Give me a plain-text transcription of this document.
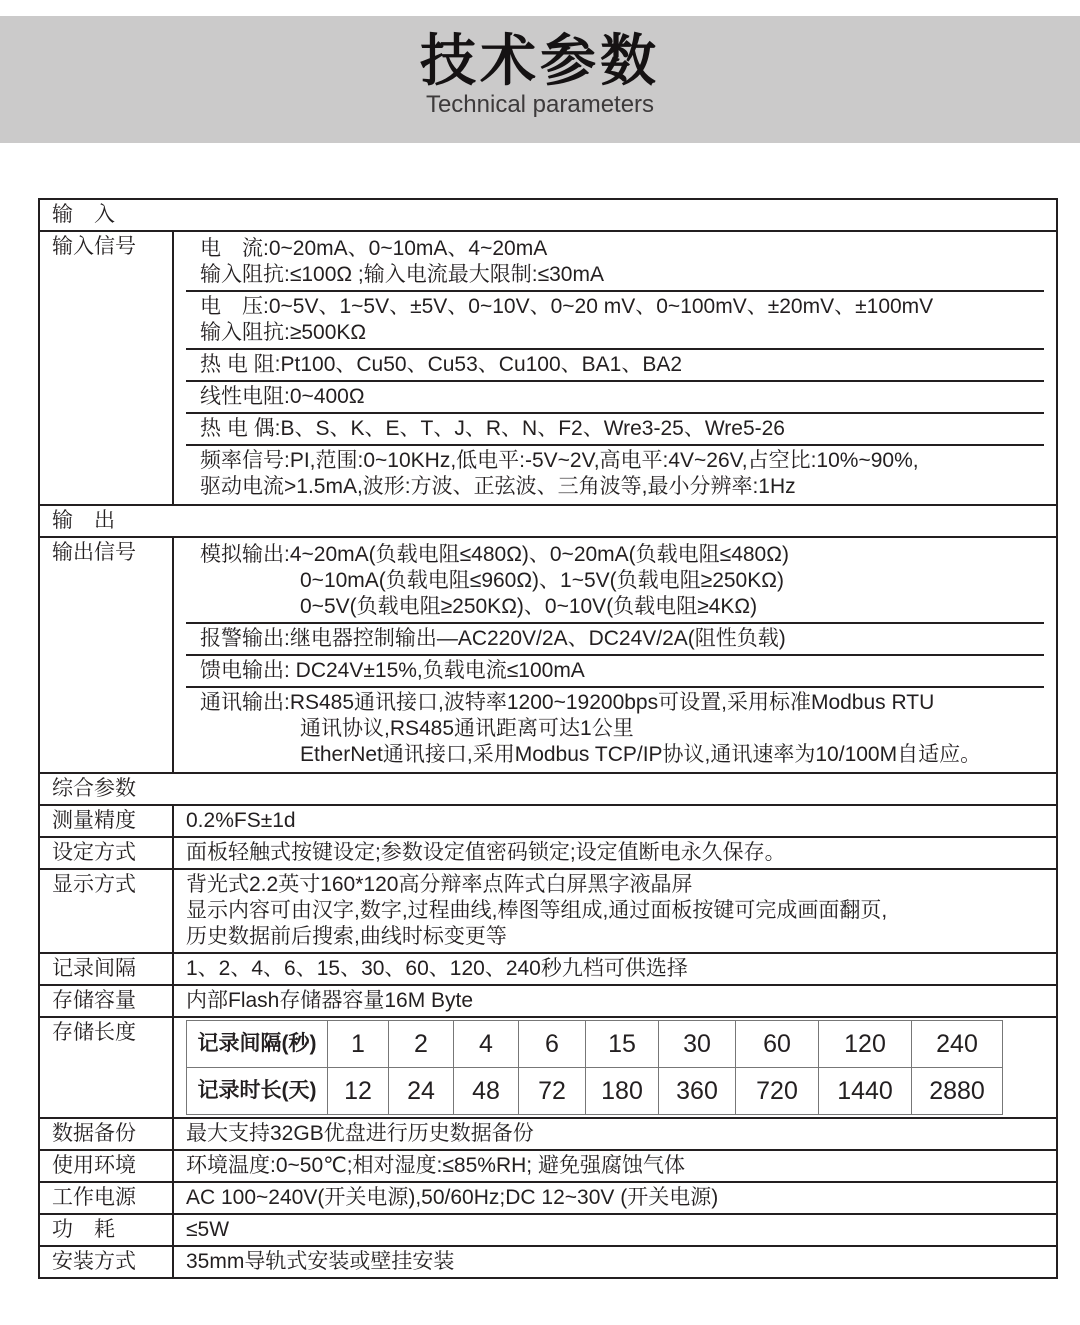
技术参数
Technical parameters
输　入
输入信号	电　流:0~20mA、0~10mA、4~20mA
输入阻抗:≤100Ω ;输入电流最大限制:≤30mA
电　压:0~5V、1~5V、±5V、0~10V、0~20 mV、0~100mV、±20mV、±100mV
输入阻抗:≥500KΩ
热 电 阻:Pt100、Cu50、Cu53、Cu100、BA1、BA2
线性电阻:0~400Ω
热 电 偶:B、S、K、E、T、J、R、N、F2、Wre3-25、Wre5-26
频率信号:PI,范围:0~10KHz,低电平:-5V~2V,高电平:4V~26V,占空比:10%~90%,
驱动电流>1.5mA,波形:方波、正弦波、三角波等,最小分辨率:1Hz

输　出
输出信号	模拟输出:4~20mA(负载电阻≤480Ω)、0~20mA(负载电阻≤480Ω)
0~10mA(负载电阻≤960Ω)、1~5V(负载电阻≥250KΩ)
0~5V(负载电阻≥250KΩ)、0~10V(负载电阻≥4KΩ)
报警输出:继电器控制输出—AC220V/2A、DC24V/2A(阻性负载)
馈电输出: DC24V±15%,负载电流≤100mA
通讯输出:RS485通讯接口,波特率1200~19200bps可设置,采用标准Modbus RTU
通讯协议,RS485通讯距离可达1公里
EtherNet通讯接口,采用Modbus TCP/IP协议,通讯速率为10/100M自适应。

综合参数
测量精度	0.2%FS±1d
设定方式	面板轻触式按键设定;参数设定值密码锁定;设定值断电永久保存。
显示方式	背光式2.2英寸160*120高分辩率点阵式白屏黑字液晶屏
显示内容可由汉字,数字,过程曲线,棒图等组成,通过面板按键可完成画面翻页,
历史数据前后搜索,曲线时标变更等

记录间隔	1、2、4、6、15、30、60、120、240秒九档可供选择
存储容量	内部Flash存储器容量16M Byte
存储长度		记录间隔(秒)	1	2	4	6	15	30	60	120	240
记录时长(天)	12	24	48	72	180	360	720	1440	2880

数据备份	最大支持32GB优盘进行历史数据备份
使用环境	环境温度:0~50℃;相对湿度:≤85%RH; 避免强腐蚀气体
工作电源	AC 100~240V(开关电源),50/60Hz;DC 12~30V (开关电源)
功　耗	≤5W
安装方式	35mm导轨式安装或壁挂安装
